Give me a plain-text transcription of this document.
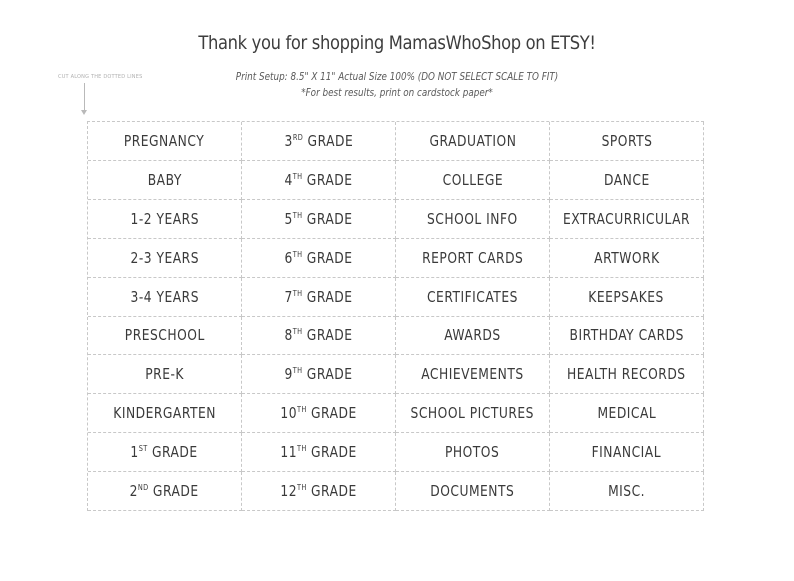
Thank you for shopping MamasWhoShop on ETSY!
Print Setup: 8.5" X 11" Actual Size 100% (DO NOT SELECT SCALE TO FIT)
*For best results, print on cardstock paper*
CUT ALONG THE DOTTED LINES
PREGNANCY	3RD GRADE	GRADUATION	SPORTS
BABY	4TH GRADE	COLLEGE	DANCE
1-2 YEARS	5TH GRADE	SCHOOL INFO	EXTRACURRICULAR
2-3 YEARS	6TH GRADE	REPORT CARDS	ARTWORK
3-4 YEARS	7TH GRADE	CERTIFICATES	KEEPSAKES
PRESCHOOL	8TH GRADE	AWARDS	BIRTHDAY CARDS
PRE-K	9TH GRADE	ACHIEVEMENTS	HEALTH RECORDS
KINDERGARTEN	10TH GRADE	SCHOOL PICTURES	MEDICAL
1ST GRADE	11TH GRADE	PHOTOS	FINANCIAL
2ND GRADE	12TH GRADE	DOCUMENTS	MISC.
